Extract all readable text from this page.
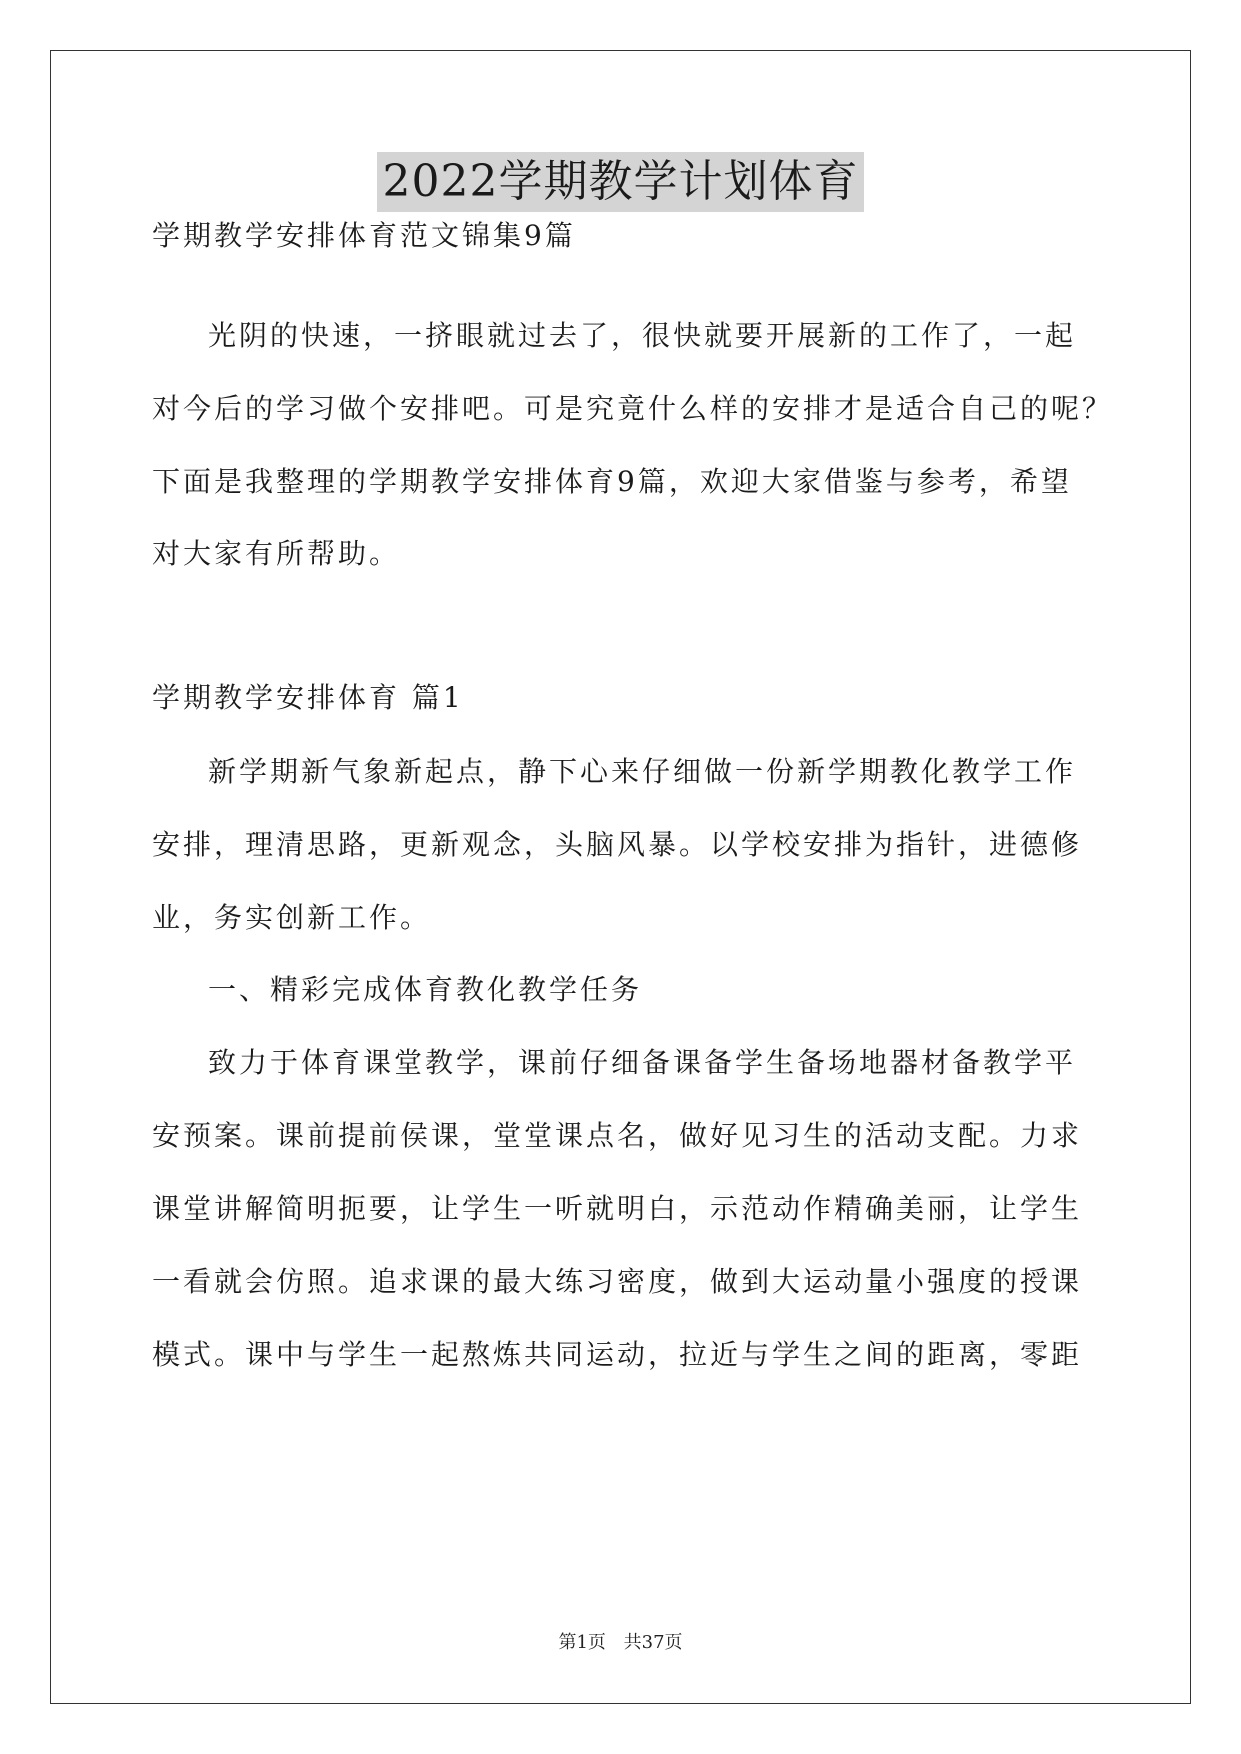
2022学期教学计划体育

学期教学安排体育范文锦集9篇

光阴的快速，一挤眼就过去了，很快就要开展新的工作了，一起

对今后的学习做个安排吧。可是究竟什么样的安排才是适合自己的呢？

下面是我整理的学期教学安排体育9篇，欢迎大家借鉴与参考，希望

对大家有所帮助。

学期教学安排体育 篇1

新学期新气象新起点，静下心来仔细做一份新学期教化教学工作

安排，理清思路，更新观念，头脑风暴。以学校安排为指针，进德修

业，务实创新工作。

一、精彩完成体育教化教学任务

致力于体育课堂教学，课前仔细备课备学生备场地器材备教学平

安预案。课前提前侯课，堂堂课点名，做好见习生的活动支配。力求

课堂讲解简明扼要，让学生一听就明白，示范动作精确美丽，让学生

一看就会仿照。追求课的最大练习密度，做到大运动量小强度的授课

模式。课中与学生一起熬炼共同运动，拉近与学生之间的距离，零距

第1页 共37页
